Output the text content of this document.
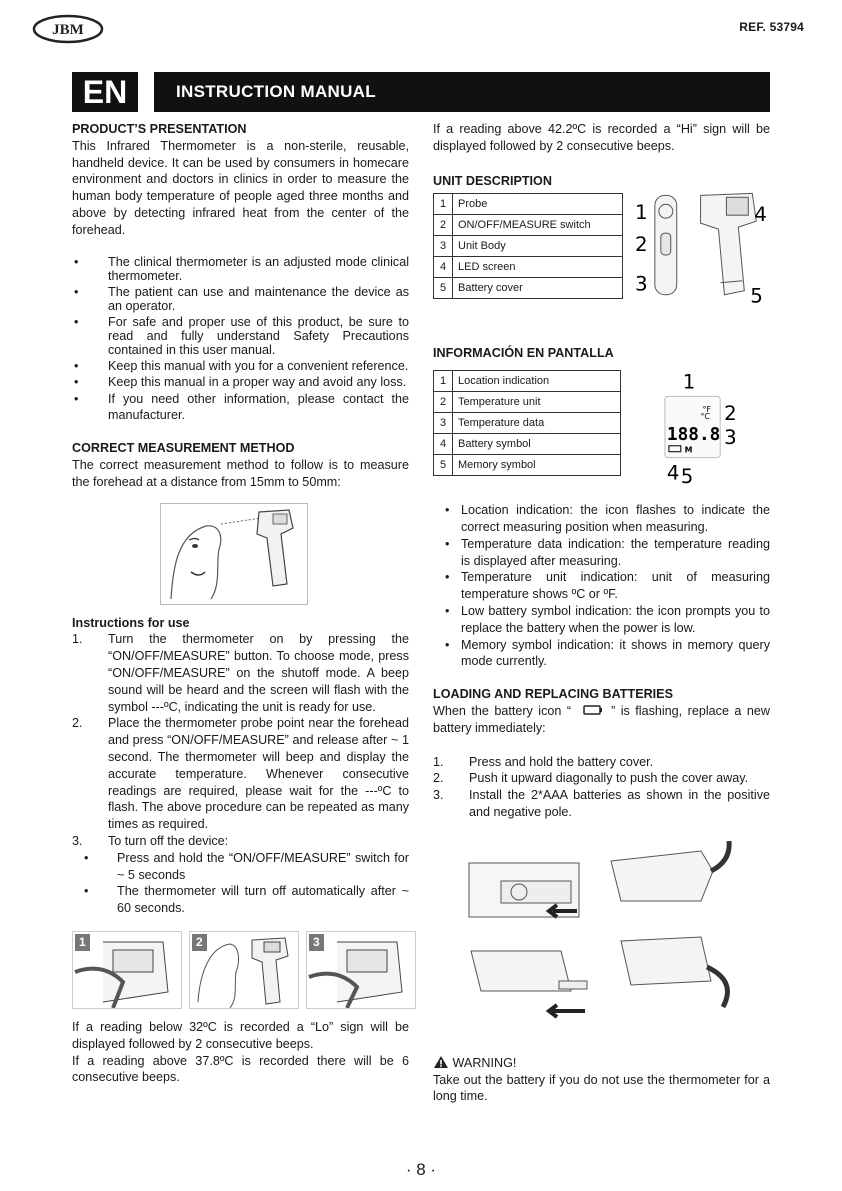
JBM	REF. 53794
EN	INSTRUCTION MANUAL
PRODUCT’S PRESENTATION

This Infrared Thermometer is a non-sterile, reusable, handheld device. It can be used by consumers in homecare environment and doctors in clinics in order to measure the human body temperature of people aged three months and above by detecting infrared heat from the center of the forehead.

• The clinical thermometer is an adjusted mode clinical thermometer.
• The patient can use and maintenance the device as an operator.
• For safe and proper use of this product, be sure to read and fully understand Safety Precautions contained in this user manual.
• Keep this manual with you for a convenient reference.
• Keep this manual in a proper way and avoid any loss.
• If you need other information, please contact the manufacturer.
CORRECT MEASUREMENT METHOD

The correct measurement method to follow is to measure the forehead at a distance from 15mm to 50mm:

Instructions for use
1. Turn the thermometer on by pressing the “ON/OFF/MEASURE” button. To choose mode, press “ON/OFF/MEASURE” on the shutoff mode. A beep sound will be heard and the screen will flash with the symbol ---ºC, indicating the unit is ready for use.
2. Place the thermometer probe point near the forehead and press “ON/OFF/MEASURE” and release after ~ 1 second. The thermometer will beep and display the accurate temperature. Whenever consecutive readings are required, please wait for the ---ºC to flash. The above procedure can be repeated as many times as required.
3. To turn off the device:
• Press and hold the “ON/OFF/MEASURE” switch for ~ 5 seconds
• The thermometer will turn off automatically after ~ 60 seconds.
1	2	3

If a reading below 32ºC is recorded a “Lo” sign will be displayed followed by 2 consecutive beeps.

If a reading above 37.8ºC is recorded there will be 6 consecutive beeps.

If a reading above 42.2ºC is recorded a “Hi” sign will be displayed followed by 2 consecutive beeps.

UNIT DESCRIPTION
1	Probe
2	ON/OFF/MEASURE switch
3	Unit Body
4	LED screen
5	Battery cover
1
2
3
4
5
INFORMACIÓN EN PANTALLA
1	Location indication
2	Temperature unit
3	Temperature data
4	Battery symbol
5	Memory symbol
1
°F
°C
188.8
M
2
3
4 5
• Location indication: the icon flashes to indicate the correct measuring position when measuring.
• Temperature data indication: the temperature reading is displayed after measuring.
• Temperature unit indication: unit of measuring temperature shows ºC or ºF.
• Low battery symbol indication: the icon prompts you to replace the battery when the power is low.
• Memory symbol indication: it shows in memory query mode currently.
LOADING AND REPLACING BATTERIES

When the battery icon “	” is flashing, replace a new battery immediately:

1. Press and hold the battery cover.
2. Push it upward diagonally to push the cover away.
3. Install the 2*AAA batteries as shown in the positive and negative pole.
WARNING!

Take out the battery if you do not use the thermometer for a long time.

· 8 ·
